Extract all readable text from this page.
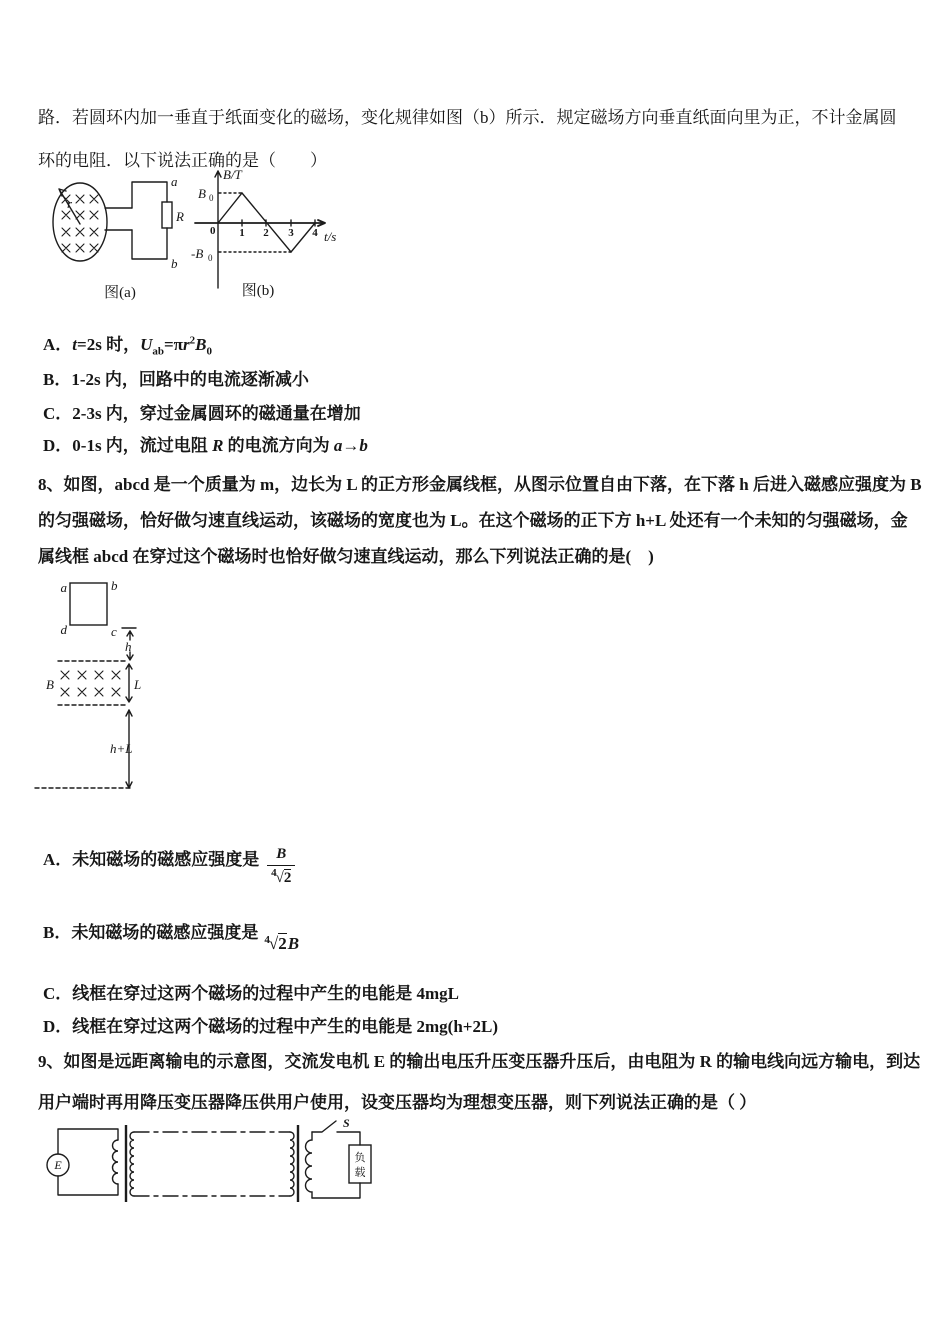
路．若圆环内加一垂直于纸面变化的磁场，变化规律如图（b）所示．规定磁场方向垂直纸面向里为正，不计金属圆
环的电阻．以下说法正确的是（　　）
r
a
b
R
图(a)
B/T
t/s
B 0
-B 0
0 1 2 3 4
图(b)
A．t=2s 时，$U_{ab}=\pi r^2B_0$
B．1-2s 内，回路中的电流逐渐减小
C．2-3s 内，穿过金属圆环的磁通量在增加
D．0-1s 内，流过电阻 R 的电流方向为 a→b
8、如图，abcd 是一个质量为 m，边长为 L 的正方形金属线框，从图示位置自由下落，在下落 h 后进入磁感应强度为 B
的匀强磁场，恰好做匀速直线运动，该磁场的宽度也为 L。在这个磁场的正下方 h+L 处还有一个未知的匀强磁场，金
属线框 abcd 在穿过这个磁场时也恰好做匀速直线运动，那么下列说法正确的是(　)
a	b
d	c
h
B	L
h+L
A．未知磁场的磁感应强度是 $\frac{B}{^4√2}$
B．未知磁场的磁感应强度是 $^4$√2B
C．线框在穿过这两个磁场的过程中产生的电能是 4mgL
D．线框在穿过这两个磁场的过程中产生的电能是 2mg(h+2L)
9、如图是远距离输电的示意图，交流发电机 E 的输出电压升压变压器升压后，由电阻为 R 的输电线向远方输电，到达
用户端时再用降压变压器降压供用户使用，设变压器均为理想变压器，则下列说法正确的是（ ）
E
S
负
载
